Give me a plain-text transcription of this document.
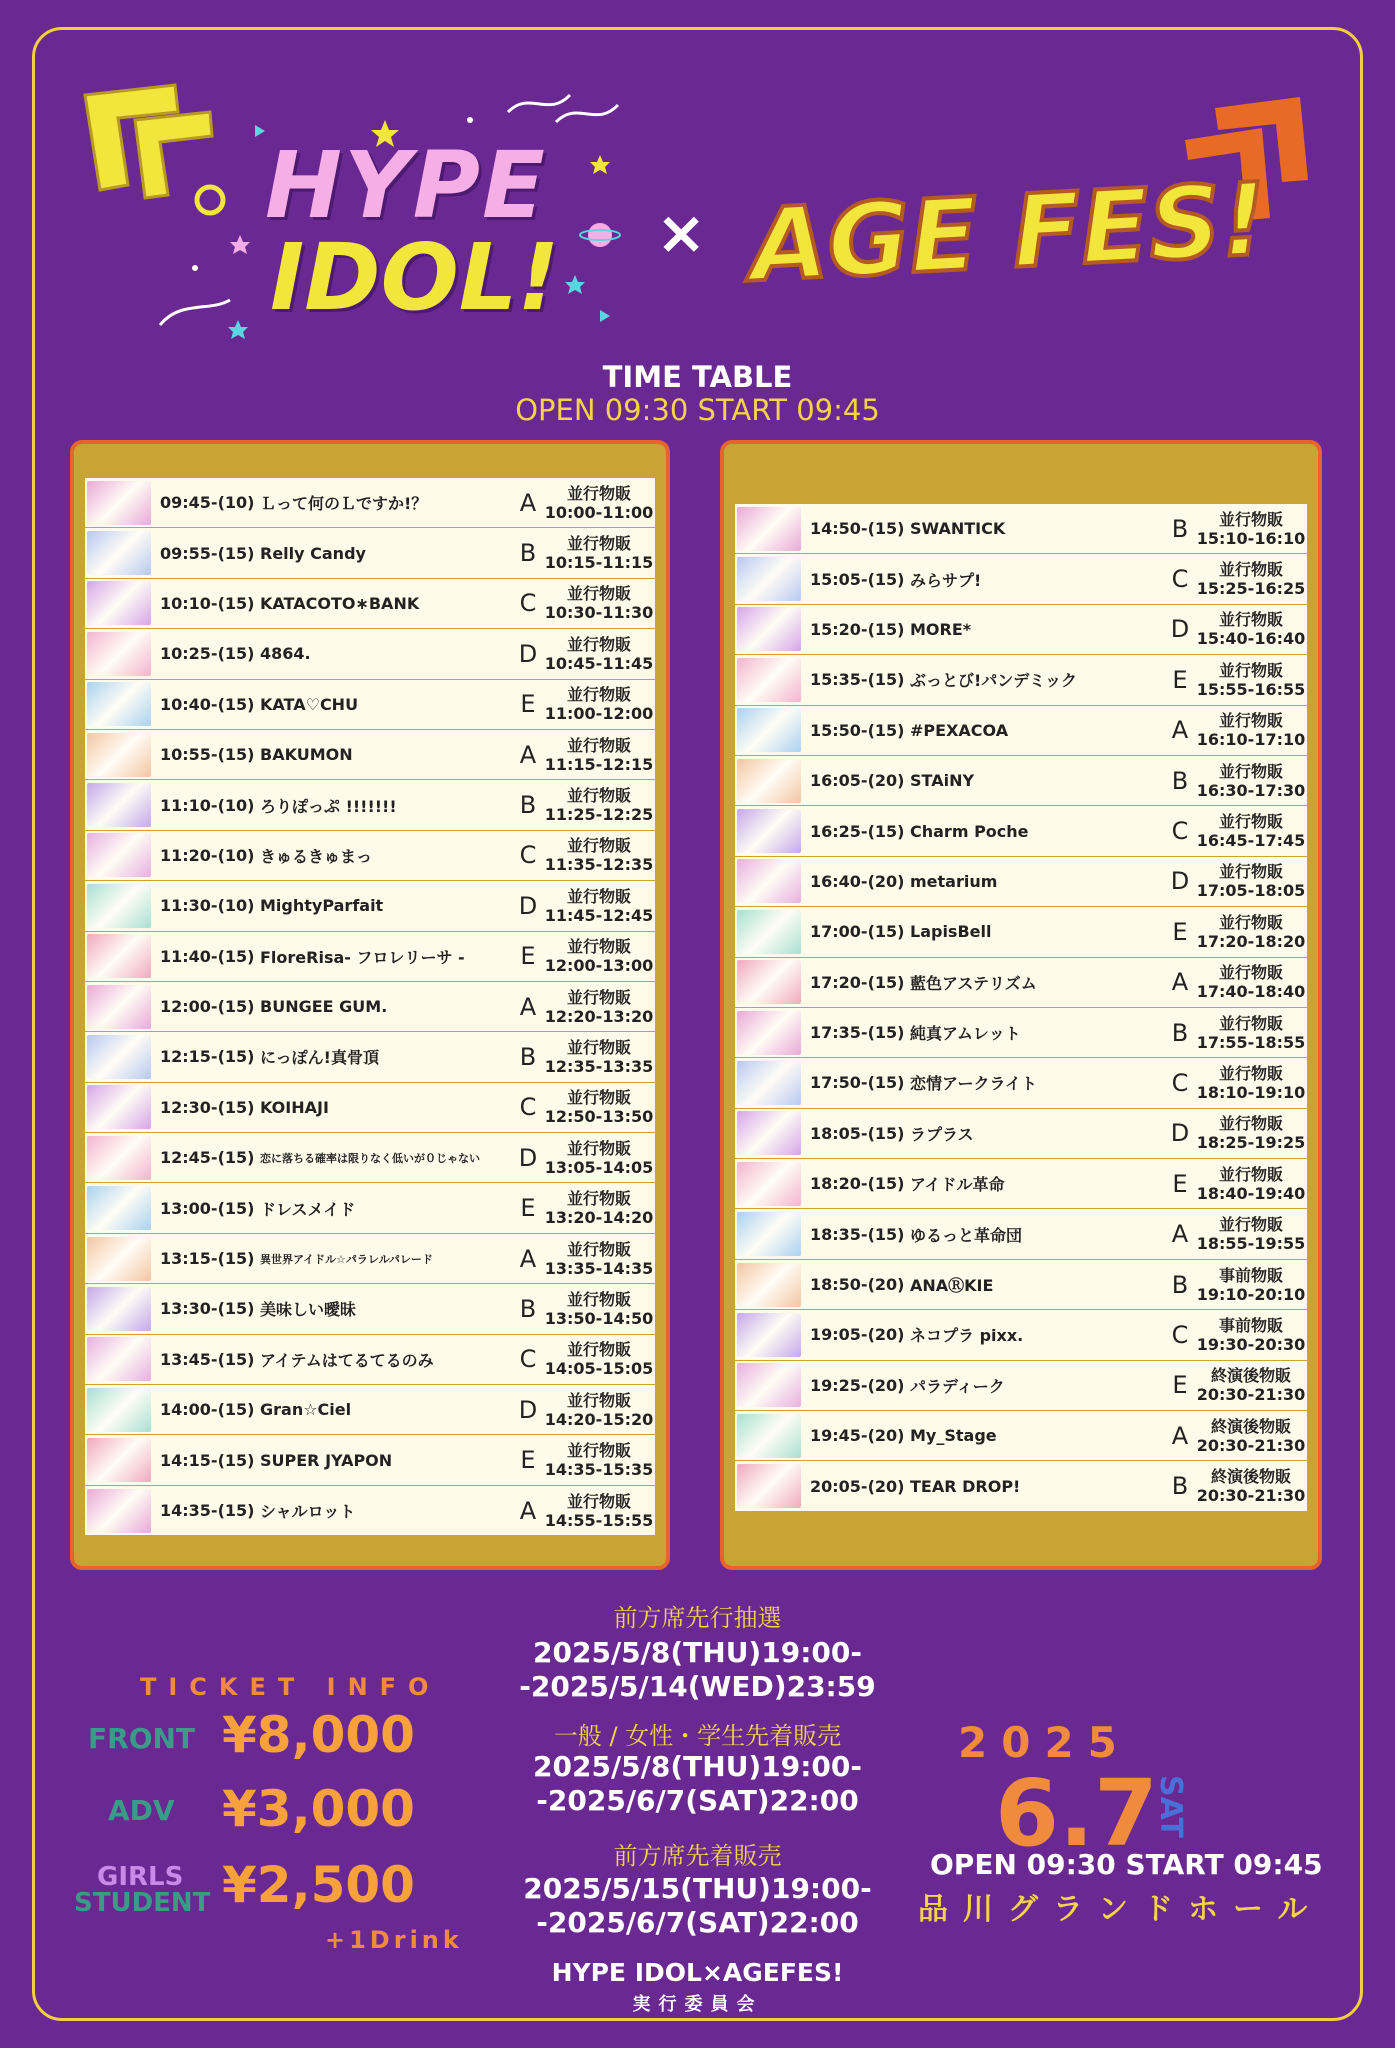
HYPE
IDOL! × AGE FES!
TIME TABLE
OPEN 09:30 START 09:45
09:45-(10) Ｌって何のＬですか!？	A	並行物販
10:00-11:00
09:55-(15) Relly Candy	B	並行物販
10:15-11:15
10:10-(15) KATACOTO∗BANK	C	並行物販
10:30-11:30
10:25-(15) 4864.	D	並行物販
10:45-11:45
10:40-(15) KATA♡CHU	E	並行物販
11:00-12:00
10:55-(15) BAKUMON	A	並行物販
11:15-12:15
11:10-(10) ろりぽっぷ !!!!!!!	B	並行物販
11:25-12:25
11:20-(10) きゅるきゅまっ	C	並行物販
11:35-12:35
11:30-(10) MightyParfait	D	並行物販
11:45-12:45
11:40-(15) FloreRisa- フロレリーサ -	E	並行物販
12:00-13:00
12:00-(15) BUNGEE GUM.	A	並行物販
12:20-13:20
12:15-(15) にっぽん!真骨頂	B	並行物販
12:35-13:35
12:30-(15) KOIHAJI	C	並行物販
12:50-13:50
12:45-(15) 恋に落ちる確率は限りなく低いが０じゃない	D	並行物販
13:05-14:05
13:00-(15) ドレスメイド	E	並行物販
13:20-14:20
13:15-(15) 異世界アイドル☆パラレルパレード	A	並行物販
13:35-14:35
13:30-(15) 美味しい曖昧	B	並行物販
13:50-14:50
13:45-(15) アイテムはてるてるのみ	C	並行物販
14:05-15:05
14:00-(15) Gran☆Ciel	D	並行物販
14:20-15:20
14:15-(15) SUPER JYAPON	E	並行物販
14:35-15:35
14:35-(15) シャルロット	A	並行物販
14:55-15:55
14:50-(15) SWANTICK	B	並行物販
15:10-16:10
15:05-(15) みらサプ!	C	並行物販
15:25-16:25
15:20-(15) MORE*	D	並行物販
15:40-16:40
15:35-(15) ぶっとび!パンデミック	E	並行物販
15:55-16:55
15:50-(15) #PEXACOA	A	並行物販
16:10-17:10
16:05-(20) STAiNY	B	並行物販
16:30-17:30
16:25-(15) Charm Poche	C	並行物販
16:45-17:45
16:40-(20) metarium	D	並行物販
17:05-18:05
17:00-(15) LapisBell	E	並行物販
17:20-18:20
17:20-(15) 藍色アステリズム	A	並行物販
17:40-18:40
17:35-(15) 純真アムレット	B	並行物販
17:55-18:55
17:50-(15) 恋情アークライト	C	並行物販
18:10-19:10
18:05-(15) ラプラス	D	並行物販
18:25-19:25
18:20-(15) アイドル革命	E	並行物販
18:40-19:40
18:35-(15) ゆるっと革命団	A	並行物販
18:55-19:55
18:50-(20) ANAⓇKIE	B	事前物販
19:10-20:10
19:05-(20) ネコプラ pixx.	C	事前物販
19:30-20:30
19:25-(20) パラディーク	E	終演後物販
20:30-21:30
19:45-(20) My_Stage	A	終演後物販
20:30-21:30
20:05-(20) TEAR DROP!	B	終演後物販
20:30-21:30
TICKET INFO
FRONT ¥8,000
ADV ¥3,000
GIRLS
STUDENT ¥2,500
+1Drink
前方席先行抽選
2025/5/8(THU)19:00-
-2025/5/14(WED)23:59
一般 / 女性・学生先着販売
2025/5/8(THU)19:00-
-2025/6/7(SAT)22:00
前方席先着販売
2025/5/15(THU)19:00-
-2025/6/7(SAT)22:00
2025
6.7
SAT
OPEN 09:30 START 09:45
品川グランドホール
HYPE IDOL×AGEFES!
実行委員会
